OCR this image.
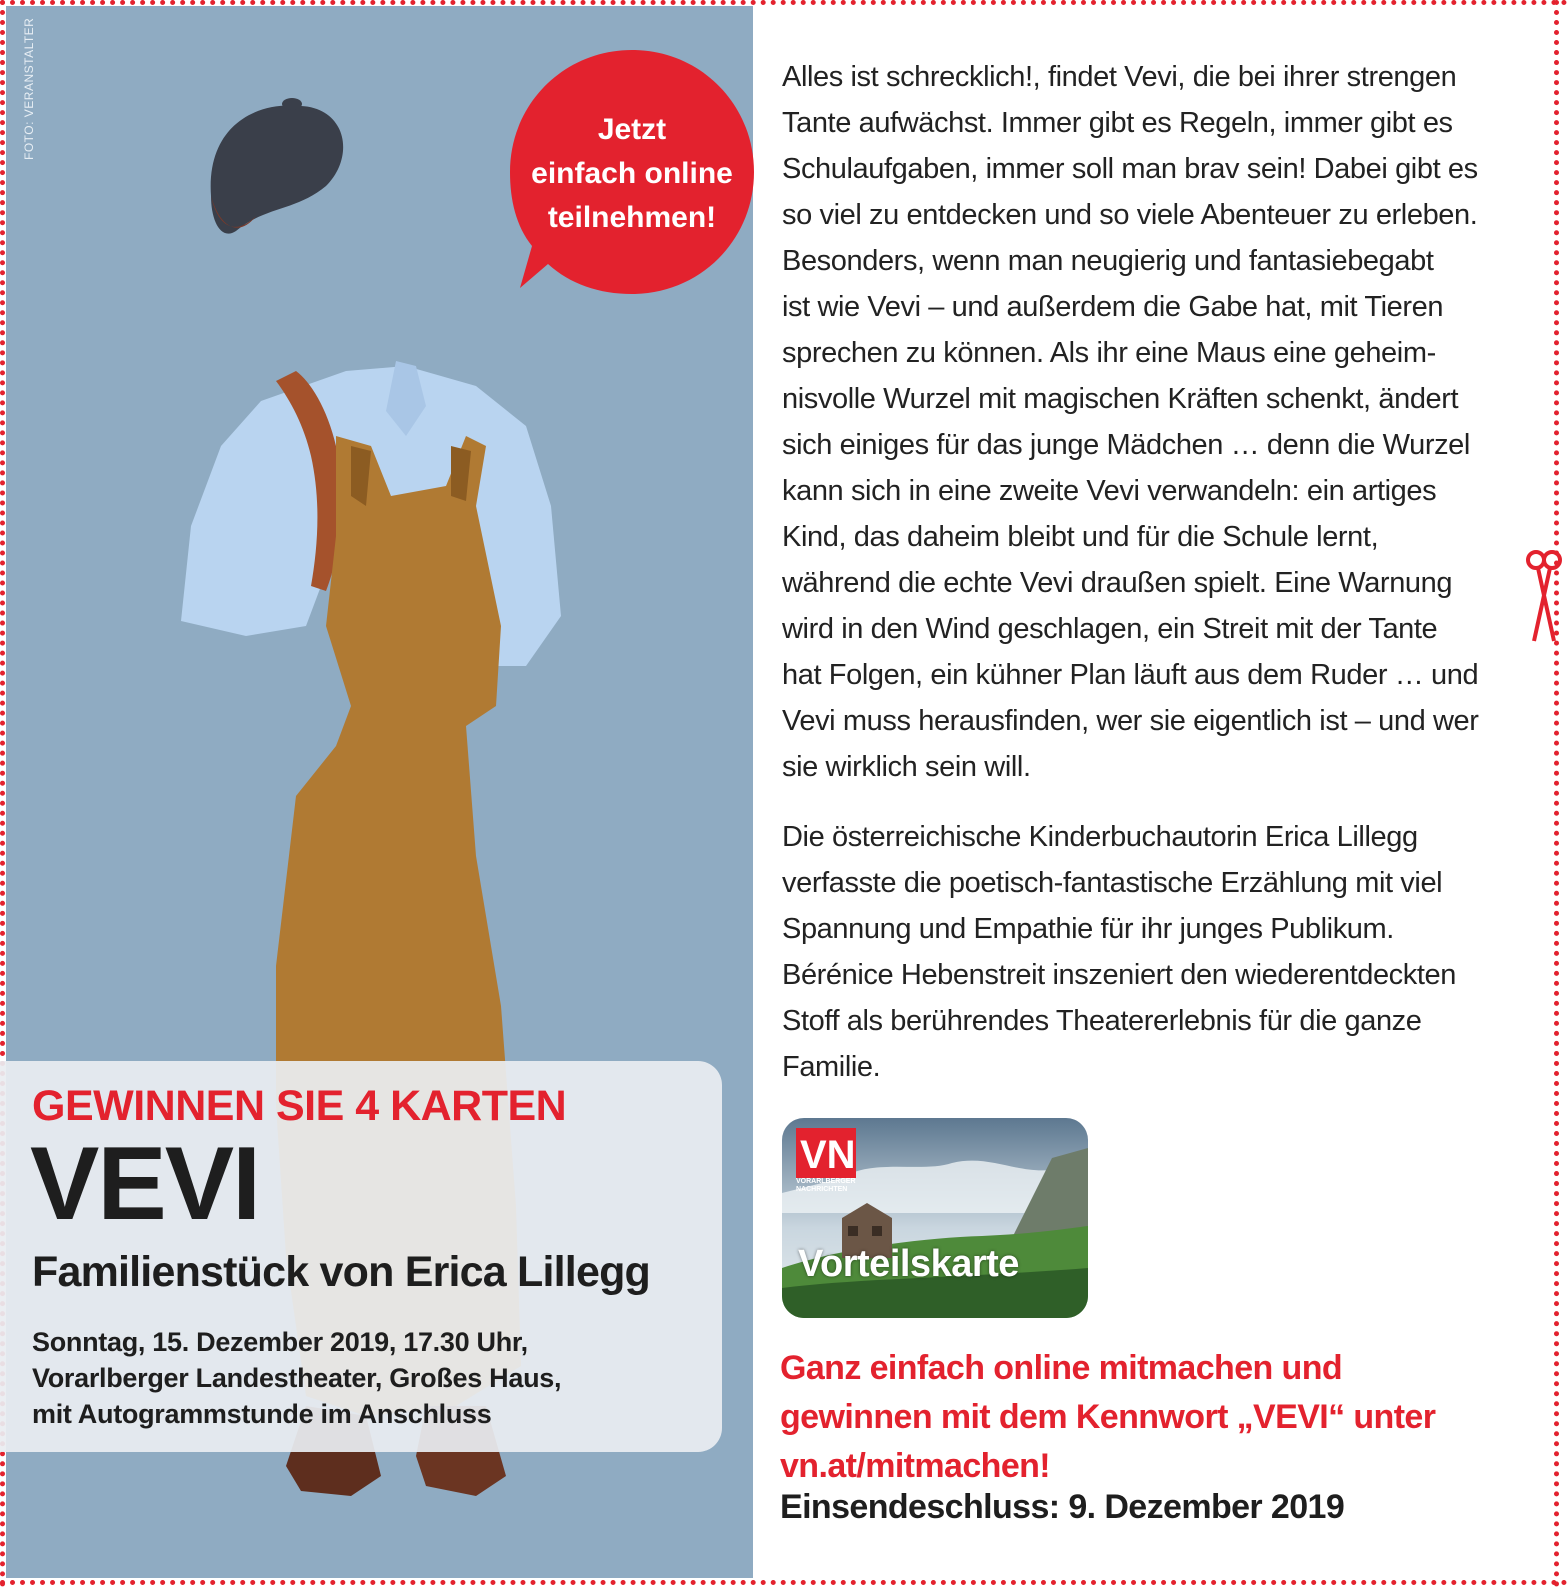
FOTO: VERANSTALTER	Jetzt
einfach online
teilnehmen!
GEWINNEN SIE 4 KARTEN
VEVI
Familienstück von Erica Lillegg
Sonntag, 15. Dezember 2019, 17.30 Uhr,
Vorarlberger Landestheater, Großes Haus,
mit Autogrammstunde im Anschluss
Alles ist schrecklich!, findet Vevi, die bei ihrer strengen
Tante aufwächst. Immer gibt es Regeln, immer gibt es
Schulaufgaben, immer soll man brav sein! Dabei gibt es
so viel zu entdecken und so viele Abenteuer zu erleben.
Besonders, wenn man neugierig und fantasiebegabt
ist wie Vevi – und außerdem die Gabe hat, mit Tieren
sprechen zu können. Als ihr eine Maus eine geheim-
nisvolle Wurzel mit magischen Kräften schenkt, ändert
sich einiges für das junge Mädchen … denn die Wurzel
kann sich in eine zweite Vevi verwandeln: ein artiges
Kind, das daheim bleibt und für die Schule lernt,
während die echte Vevi draußen spielt. Eine Warnung
wird in den Wind geschlagen, ein Streit mit der Tante
hat Folgen, ein kühner Plan läuft aus dem Ruder … und
Vevi muss herausfinden, wer sie eigentlich ist – und wer
sie wirklich sein will.
Die österreichische Kinderbuchautorin Erica Lillegg
verfasste die poetisch-fantastische Erzählung mit viel
Spannung und Empathie für ihr junges Publikum.
Bérénice Hebenstreit inszeniert den wiederentdeckten
Stoff als berührendes Theatererlebnis für die ganze
Familie.
VN
VORARLBERGER NACHRICHTEN
Vorteilskarte
Ganz einfach online mitmachen und
gewinnen mit dem Kennwort „VEVI“ unter
vn.at/mitmachen!
Einsendeschluss: 9. Dezember 2019
